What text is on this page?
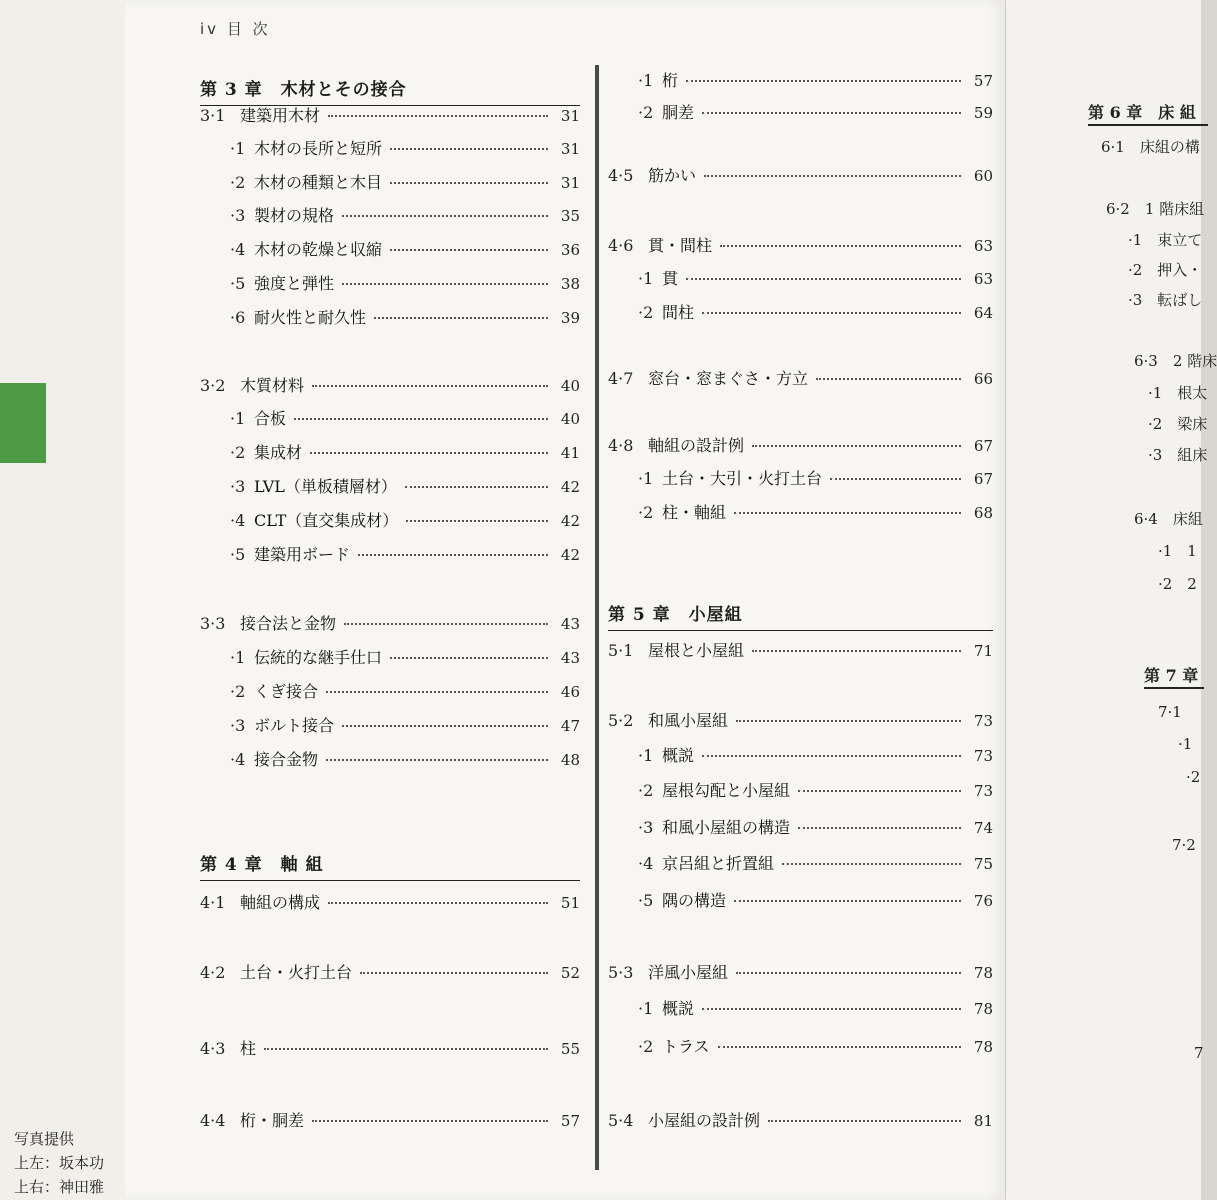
写真提供
上左：坂本功
上右：神田雅
iv 目 次
第 3 章　木材とその接合
3·1 建築用木材	31
·1 木材の長所と短所	31
·2 木材の種類と木目	31
·3 製材の規格	35
·4 木材の乾燥と収縮	36
·5 強度と弾性	38
·6 耐火性と耐久性	39
3·2 木質材料	40
·1 合板	40
·2 集成材	41
·3 LVL（単板積層材）	42
·4 CLT（直交集成材）	42
·5 建築用ボード	42
3·3 接合法と金物	43
·1 伝統的な継手仕口	43
·2 くぎ接合	46
·3 ボルト接合	47
·4 接合金物	48
第 4 章　軸 組
4·1 軸組の構成	51
4·2 土台・火打土台	52
4·3 柱	55
4·4 桁・胴差	57
·1 桁	57
·2 胴差	59
4·5 筋かい	60
4·6 貫・間柱	63
·1 貫	63
·2 間柱	64
4·7 窓台・窓まぐさ・方立	66
4·8 軸組の設計例	67
·1 土台・大引・火打土台	67
·2 柱・軸組	68
第 5 章　小屋組
5·1 屋根と小屋組	71
5·2 和風小屋組	73
·1 概説	73
·2 屋根勾配と小屋組	73
·3 和風小屋組の構造	74
·4 京呂組と折置組	75
·5 隅の構造	76
5·3 洋風小屋組	78
·1 概説	78
·2 トラス	78
5·4 小屋組の設計例	81
第 6 章　床 組
6·1　床組の構
6·2　1 階床組
·1　束立て
·2　押入・
·3　転ばし
6·3　2 階床
·1　根太
·2　梁床
·3　組床
6·4　床組
·1　1
·2　2
第 7 章
7·1
·1
·2
7·2
7
